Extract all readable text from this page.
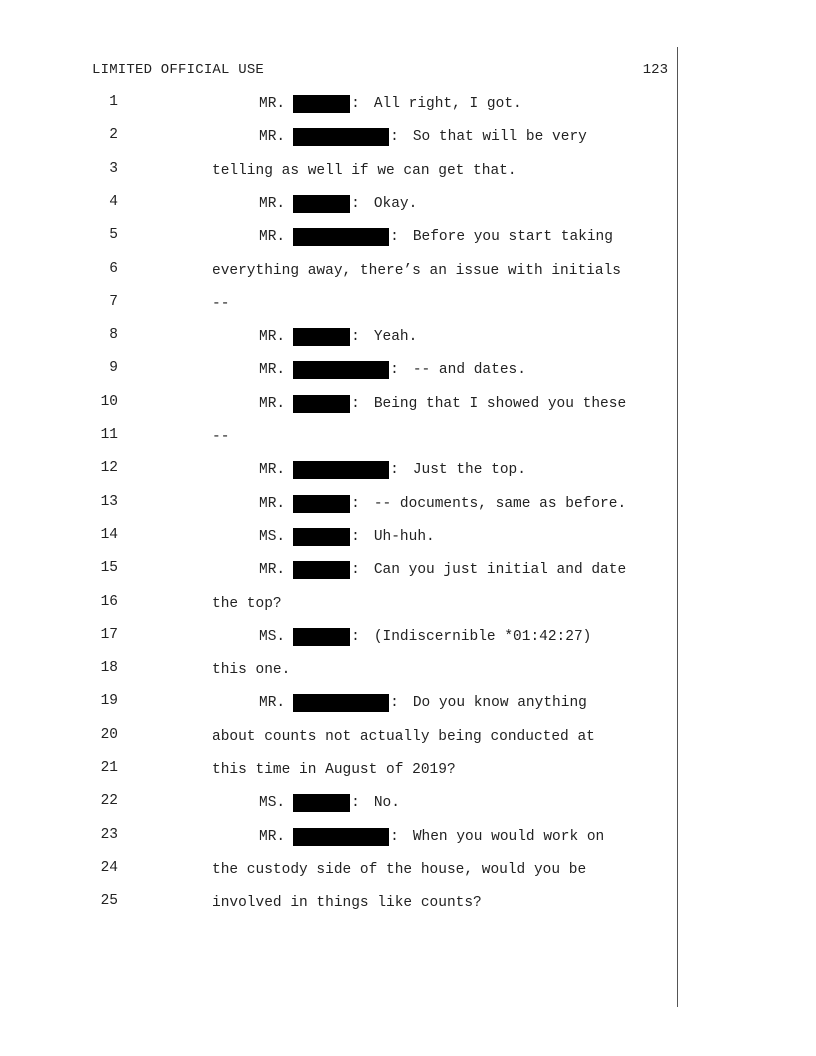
LIMITED OFFICIAL USE	123
1	MR.	: All right, I got.
2	MR.	: So that will be very
3	telling as well if we can get that.
4	MR.	: Okay.
5	MR.	: Before you start taking
6	everything away, there’s an issue with initials
7	--
8	MR.	: Yeah.
9	MR.	: -- and dates.
10	MR.	: Being that I showed you these
11	--
12	MR.	: Just the top.
13	MR.	: -- documents, same as before.
14	MS.	: Uh-huh.
15	MR.	: Can you just initial and date
16	the top?
17	MS.	: (Indiscernible *01:42:27)
18	this one.
19	MR.	: Do you know anything
20	about counts not actually being conducted at
21	this time in August of 2019?
22	MS.	: No.
23	MR.	: When you would work on
24	the custody side of the house, would you be
25	involved in things like counts?
